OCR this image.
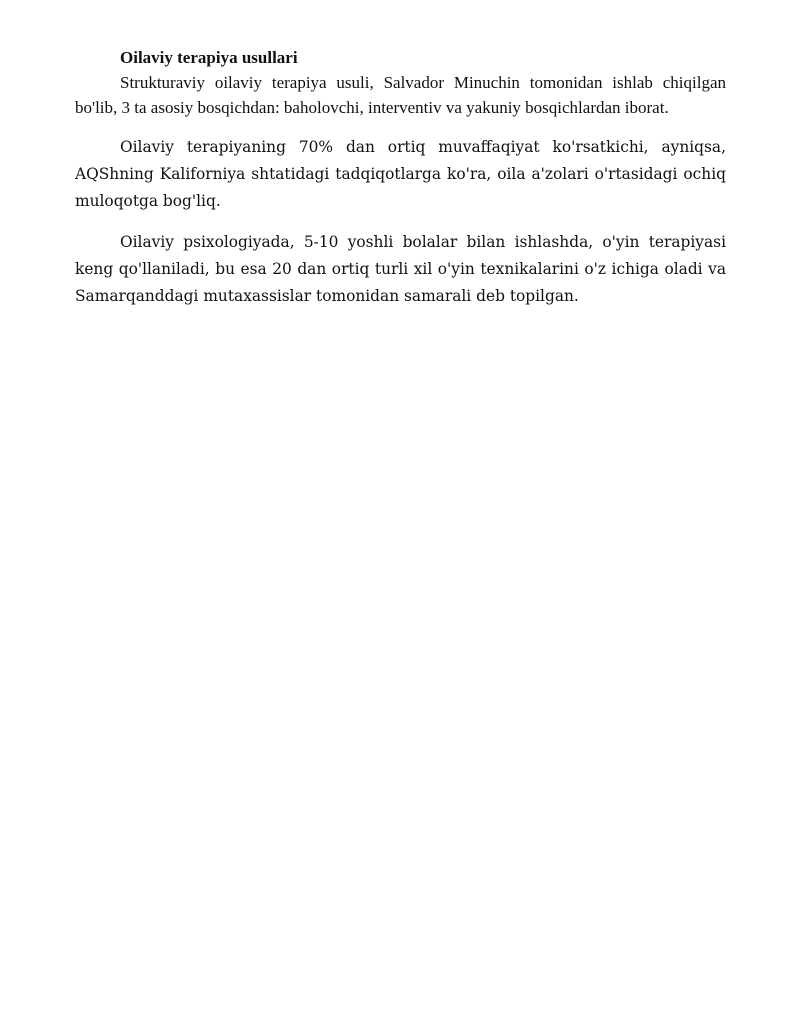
Oilaviy terapiya usullari

Strukturaviy oilaviy terapiya usuli, Salvador Minuchin tomonidan ishlab chiqilgan bo'lib, 3 ta asosiy bosqichdan: baholovchi, interventiv va yakuniy bosqichlardan iborat.

Oilaviy terapiyaning 70% dan ortiq muvaffaqiyat ko'rsatkichi, ayniqsa, AQShning Kaliforniya shtatidagi tadqiqotlarga ko'ra, oila a'zolari o'rtasidagi ochiq muloqotga bog'liq.

Oilaviy psixologiyada, 5-10 yoshli bolalar bilan ishlashda, o'yin terapiyasi keng qo'llaniladi, bu esa 20 dan ortiq turli xil o'yin texnikalarini o'z ichiga oladi va Samarqanddagi mutaxassislar tomonidan samarali deb topilgan.
